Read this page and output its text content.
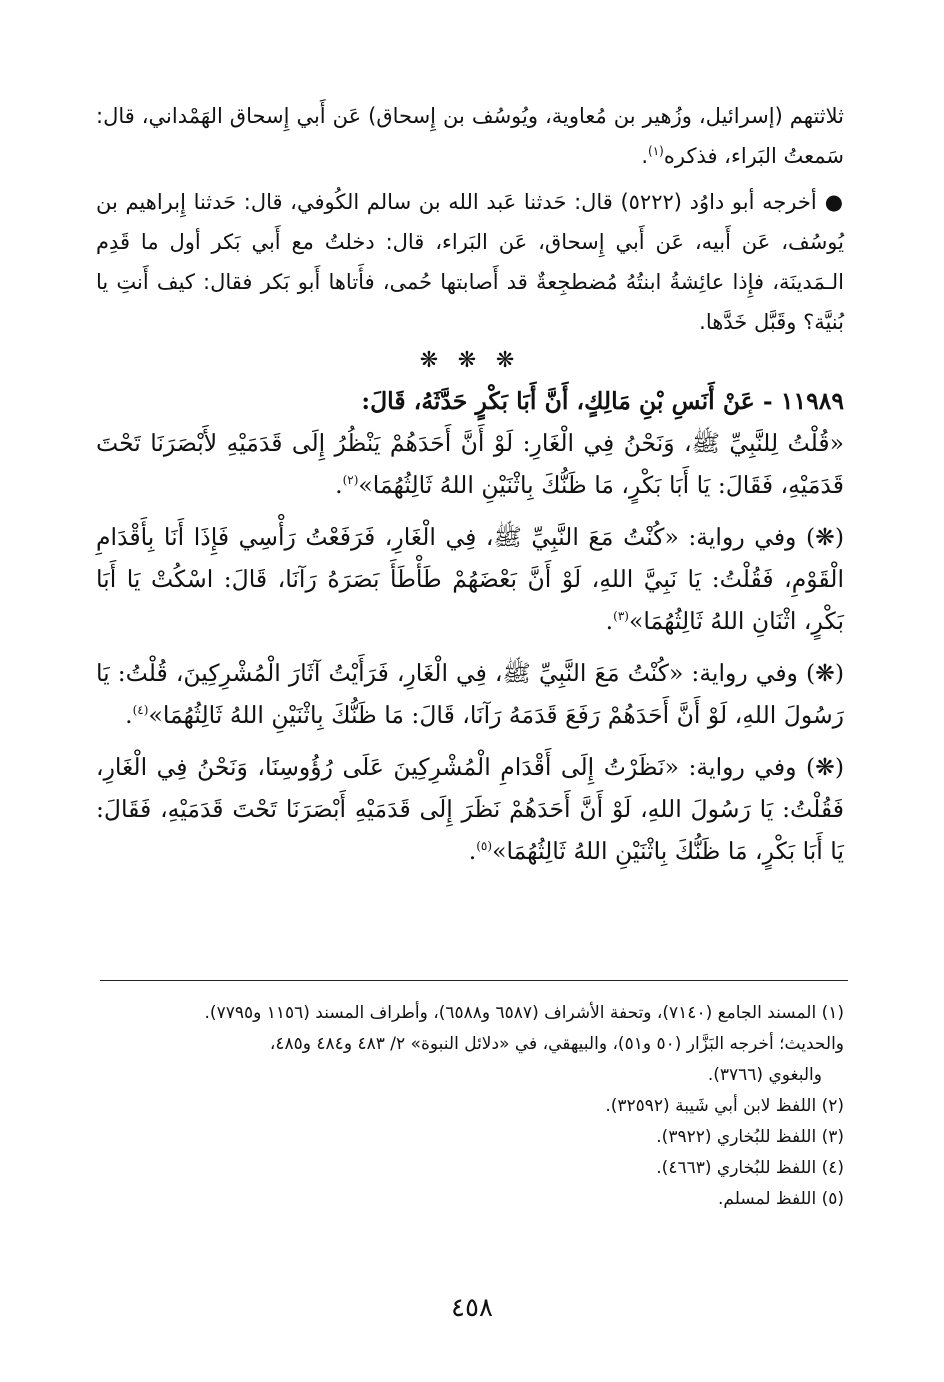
ثلاثتهم (إسرائيل، وزُهير بن مُعاوية، ويُوسُف بن إِسحاق) عَن أَبي إِسحاق الهَمْداني، قال: سَمعتُ البَراء، فذكره$^{(١)}$.

●أخرجه أبو داوُد (٥٢٢٢) قال: حَدثنا عَبد الله بن سالم الكُوفي، قال: حَدثنا إِبراهيم بن يُوسُف، عَن أَبيه، عَن أَبي إِسحاق، عَن البَراء، قال: دخلتُ مع أَبي بَكر أول ما قَدِم الـمَدينَة، فإِذا عائِشةُ ابنتُهُ مُضطجِعةٌ قد أَصابتها حُمى، فأَتاها أَبو بَكر فقال: كيف أَنتِ يا بُنيَّة؟ وقَبَّل خَدَّها.

❋ ❋ ❋

١١٩٨٩ - عَنْ أَنَسِ بْنِ مَالِكٍ، أَنَّ أَبَا بَكْرٍ حَدَّثَهُ، قَالَ:

«قُلْتُ لِلنَّبِيِّ ﷺ، وَنَحْنُ فِي الْغَارِ: لَوْ أَنَّ أَحَدَهُمْ يَنْظُرُ إِلَى قَدَمَيْهِ لأَبْصَرَنَا تَحْتَ قَدَمَيْهِ، فَقَالَ: يَا أَبَا بَكْرٍ، مَا ظَنُّكَ بِاثْنَيْنِ اللهُ ثَالِثُهُمَا»$^{(٢)}$.

(❋) وفي رواية: «كُنْتُ مَعَ النَّبِيِّ ﷺ، فِي الْغَارِ، فَرَفَعْتُ رَأْسِي فَإِذَا أَنَا بِأَقْدَامِ الْقَوْمِ، فَقُلْتُ: يَا نَبِيَّ اللهِ، لَوْ أَنَّ بَعْضَهُمْ طَأْطَأَ بَصَرَهُ رَآنَا، قَالَ: اسْكُتْ يَا أَبَا بَكْرٍ، اثْنَانِ اللهُ ثَالِثُهُمَا»$^{(٣)}$.

(❋) وفي رواية: «كُنْتُ مَعَ النَّبِيِّ ﷺ، فِي الْغَارِ، فَرَأَيْتُ آثَارَ الْمُشْرِكِينَ، قُلْتُ: يَا رَسُولَ اللهِ، لَوْ أَنَّ أَحَدَهُمْ رَفَعَ قَدَمَهُ رَآنَا، قَالَ: مَا ظَنُّكَ بِاثْنَيْنِ اللهُ ثَالِثُهُمَا»$^{(٤)}$.

(❋) وفي رواية: «نَظَرْتُ إِلَى أَقْدَامِ الْمُشْرِكِينَ عَلَى رُؤُوسِنَا، وَنَحْنُ فِي الْغَارِ، فَقُلْتُ: يَا رَسُولَ اللهِ، لَوْ أَنَّ أَحَدَهُمْ نَظَرَ إِلَى قَدَمَيْهِ أَبْصَرَنَا تَحْتَ قَدَمَيْهِ، فَقَالَ: يَا أَبَا بَكْرٍ، مَا ظَنُّكَ بِاثْنَيْنِ اللهُ ثَالِثُهُمَا»$^{(٥)}$.

(١) المسند الجامع (٧١٤٠)، وتحفة الأشراف (٦٥٨٧ و٦٥٨٨)، وأطراف المسند (١١٥٦ و٧٧٩٥).

والحديث؛ أخرجه البَزَّار (٥٠ و٥١)، والبيهقي، في «دلائل النبوة» ٢/ ٤٨٣ و٤٨٤ و٤٨٥،

والبغوي (٣٧٦٦).

(٢) اللفظ لابن أبي شَيبة (٣٢٥٩٢).

(٣) اللفظ للبُخاري (٣٩٢٢).

(٤) اللفظ للبُخاري (٤٦٦٣).

(٥) اللفظ لمسلم.

٤٥٨
